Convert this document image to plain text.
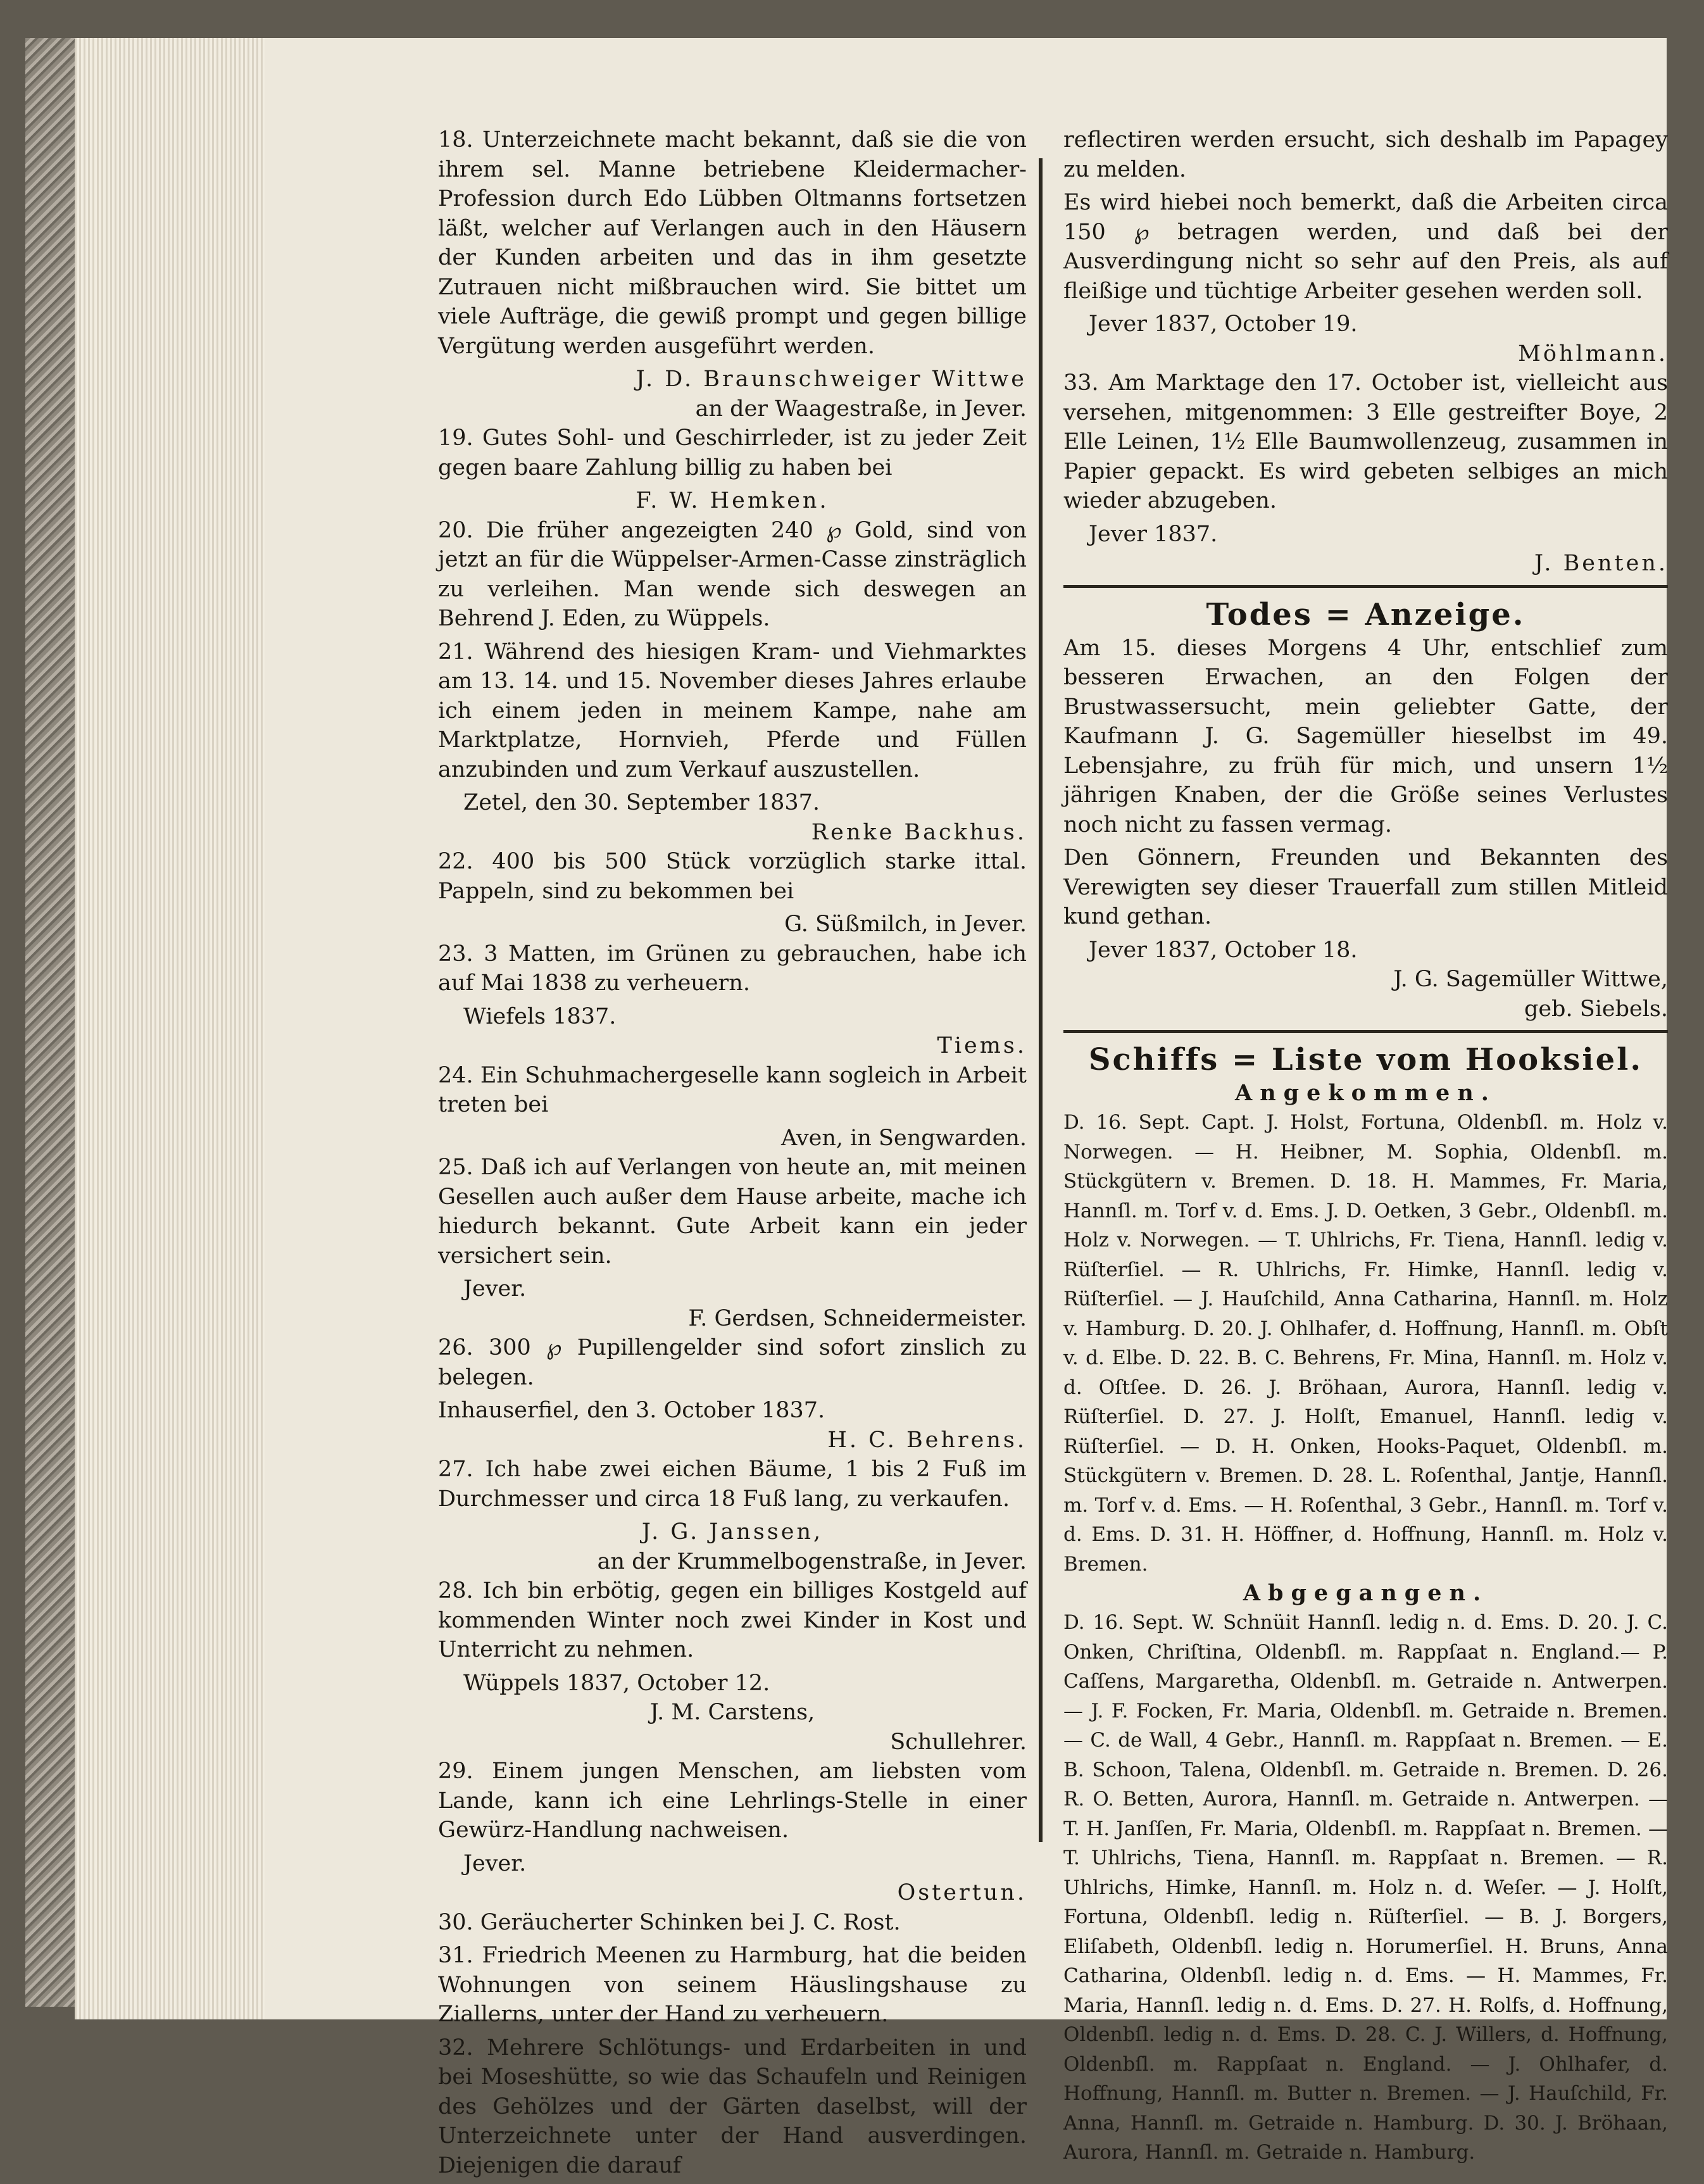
18. Unterzeichnete macht bekannt, daß sie die von ihrem sel. Manne betriebene Kleidermacher-Profession durch Edo Lübben Oltmanns fortsetzen läßt, welcher auf Verlangen auch in den Häusern der Kunden arbeiten und das in ihm gesetzte Zutrauen nicht mißbrauchen wird. Sie bittet um viele Aufträge, die gewiß prompt und gegen billige Vergütung werden ausgeführt werden.
J. D. Braunschweiger Wittwe
an der Waagestraße, in Jever.
19. Gutes Sohl- und Geschirrleder, ist zu jeder Zeit gegen baare Zahlung billig zu haben bei
F. W. Hemken.
20. Die früher angezeigten 240 ℘ Gold, sind von jetzt an für die Wüppelser-Armen-Casse zinsträglich zu verleihen. Man wende sich deswegen an Behrend J. Eden, zu Wüppels.
21. Während des hiesigen Kram- und Viehmarktes am 13. 14. und 15. November dieses Jahres erlaube ich einem jeden in meinem Kampe, nahe am Marktplatze, Hornvieh, Pferde und Füllen anzubinden und zum Verkauf auszustellen.
Zetel, den 30. September 1837.
Renke Backhus.
22. 400 bis 500 Stück vorzüglich starke ittal. Pappeln, sind zu bekommen bei
G. Süßmilch, in Jever.
23. 3 Matten, im Grünen zu gebrauchen, habe ich auf Mai 1838 zu verheuern.
Wiefels 1837.
Tiems.
24. Ein Schuhmachergeselle kann sogleich in Arbeit treten bei
Aven, in Sengwarden.
25. Daß ich auf Verlangen von heute an, mit meinen Gesellen auch außer dem Hause arbeite, mache ich hiedurch bekannt. Gute Arbeit kann ein jeder versichert sein.
Jever.
F. Gerdsen, Schneidermeister.
26. 300 ℘ Pupillengelder sind sofort zinslich zu belegen.
Inhauserfiel, den 3. October 1837.
H. C. Behrens.
27. Ich habe zwei eichen Bäume, 1 bis 2 Fuß im Durchmesser und circa 18 Fuß lang, zu verkaufen.
J. G. Janssen,
an der Krummelbogenstraße, in Jever.
28. Ich bin erbötig, gegen ein billiges Kostgeld auf kommenden Winter noch zwei Kinder in Kost und Unterricht zu nehmen.
Wüppels 1837, October 12.
J. M. Carstens,
Schullehrer.
29. Einem jungen Menschen, am liebsten vom Lande, kann ich eine Lehrlings-Stelle in einer Gewürz-Handlung nachweisen.
Jever.
Ostertun.
30. Geräucherter Schinken bei J. C. Rost.
31. Friedrich Meenen zu Harmburg, hat die beiden Wohnungen von seinem Häuslingshause zu Ziallerns, unter der Hand zu verheuern.
32. Mehrere Schlötungs- und Erdarbeiten in und bei Moseshütte, so wie das Schaufeln und Reinigen des Gehölzes und der Gärten daselbst, will der Unterzeichnete unter der Hand ausverdingen. Diejenigen die darauf
reflectiren werden ersucht, sich deshalb im Papagey zu melden.
Es wird hiebei noch bemerkt, daß die Arbeiten circa 150 ℘ betragen werden, und daß bei der Ausverdingung nicht so sehr auf den Preis, als auf fleißige und tüchtige Arbeiter gesehen werden soll.
Jever 1837, October 19.
Möhlmann.
33. Am Marktage den 17. October ist, vielleicht aus versehen, mitgenommen: 3 Elle gestreifter Boye, 2 Elle Leinen, 1½ Elle Baumwollenzeug, zusammen in Papier gepackt. Es wird gebeten selbiges an mich wieder abzugeben.
Jever 1837.
J. Benten.
Todes = Anzeige.
Am 15. dieses Morgens 4 Uhr, entschlief zum besseren Erwachen, an den Folgen der Brustwassersucht, mein geliebter Gatte, der Kaufmann J. G. Sagemüller hieselbst im 49. Lebensjahre, zu früh für mich, und unsern 1½ jährigen Knaben, der die Größe seines Verlustes noch nicht zu fassen vermag.
Den Gönnern, Freunden und Bekannten des Verewigten sey dieser Trauerfall zum stillen Mitleid kund gethan.
Jever 1837, October 18.
J. G. Sagemüller Wittwe,
geb. Siebels.
Schiffs = Liste vom Hooksiel.
Angekommen.
D. 16. Sept. Capt. J. Holst, Fortuna, Oldenbſl. m. Holz v. Norwegen. — H. Heibner, M. Sophia, Oldenbſl. m. Stückgütern v. Bremen. D. 18. H. Mammes, Fr. Maria, Hannſl. m. Torf v. d. Ems. J. D. Oetken, 3 Gebr., Oldenbſl. m. Holz v. Norwegen. — T. Uhlrichs, Fr. Tiena, Hannſl. ledig v. Rüſterſiel. — R. Uhlrichs, Fr. Himke, Hannſl. ledig v. Rüſterſiel. — J. Hauſchild, Anna Catharina, Hannſl. m. Holz v. Hamburg. D. 20. J. Ohlhafer, d. Hoffnung, Hannſl. m. Obſt v. d. Elbe. D. 22. B. C. Behrens, Fr. Mina, Hannſl. m. Holz v. d. Oſtſee. D. 26. J. Bröhaan, Aurora, Hannſl. ledig v. Rüſterſiel. D. 27. J. Holſt, Emanuel, Hannſl. ledig v. Rüſterſiel. — D. H. Onken, Hooks-Paquet, Oldenbſl. m. Stückgütern v. Bremen. D. 28. L. Roſenthal, Jantje, Hannſl. m. Torf v. d. Ems. — H. Roſenthal, 3 Gebr., Hannſl. m. Torf v. d. Ems. D. 31. H. Höffner, d. Hoffnung, Hannſl. m. Holz v. Bremen.
Abgegangen.
D. 16. Sept. W. Schnüit Hannſl. ledig n. d. Ems. D. 20. J. C. Onken, Chriſtina, Oldenbſl. m. Rappſaat n. England.— P. Caſſens, Margaretha, Oldenbſl. m. Getraide n. Antwerpen. — J. F. Focken, Fr. Maria, Oldenbſl. m. Getraide n. Bremen. — C. de Wall, 4 Gebr., Hannſl. m. Rappſaat n. Bremen. — E. B. Schoon, Talena, Oldenbſl. m. Getraide n. Bremen. D. 26. R. O. Betten, Aurora, Hannſl. m. Getraide n. Antwerpen. — T. H. Janſſen, Fr. Maria, Oldenbſl. m. Rappſaat n. Bremen. — T. Uhlrichs, Tiena, Hannſl. m. Rappſaat n. Bremen. — R. Uhlrichs, Himke, Hannſl. m. Holz n. d. Weſer. — J. Holſt, Fortuna, Oldenbſl. ledig n. Rüſterſiel. — B. J. Borgers, Eliſabeth, Oldenbſl. ledig n. Horumerſiel. H. Bruns, Anna Catharina, Oldenbſl. ledig n. d. Ems. — H. Mammes, Fr. Maria, Hannſl. ledig n. d. Ems. D. 27. H. Rolfs, d. Hoffnung, Oldenbſl. ledig n. d. Ems. D. 28. C. J. Willers, d. Hoffnung, Oldenbſl. m. Rappſaat n. England. — J. Ohlhafer, d. Hoffnung, Hannſl. m. Butter n. Bremen. — J. Hauſchild, Fr. Anna, Hannſl. m. Getraide n. Hamburg. D. 30. J. Bröhaan, Aurora, Hannſl. m. Getraide n. Hamburg.
